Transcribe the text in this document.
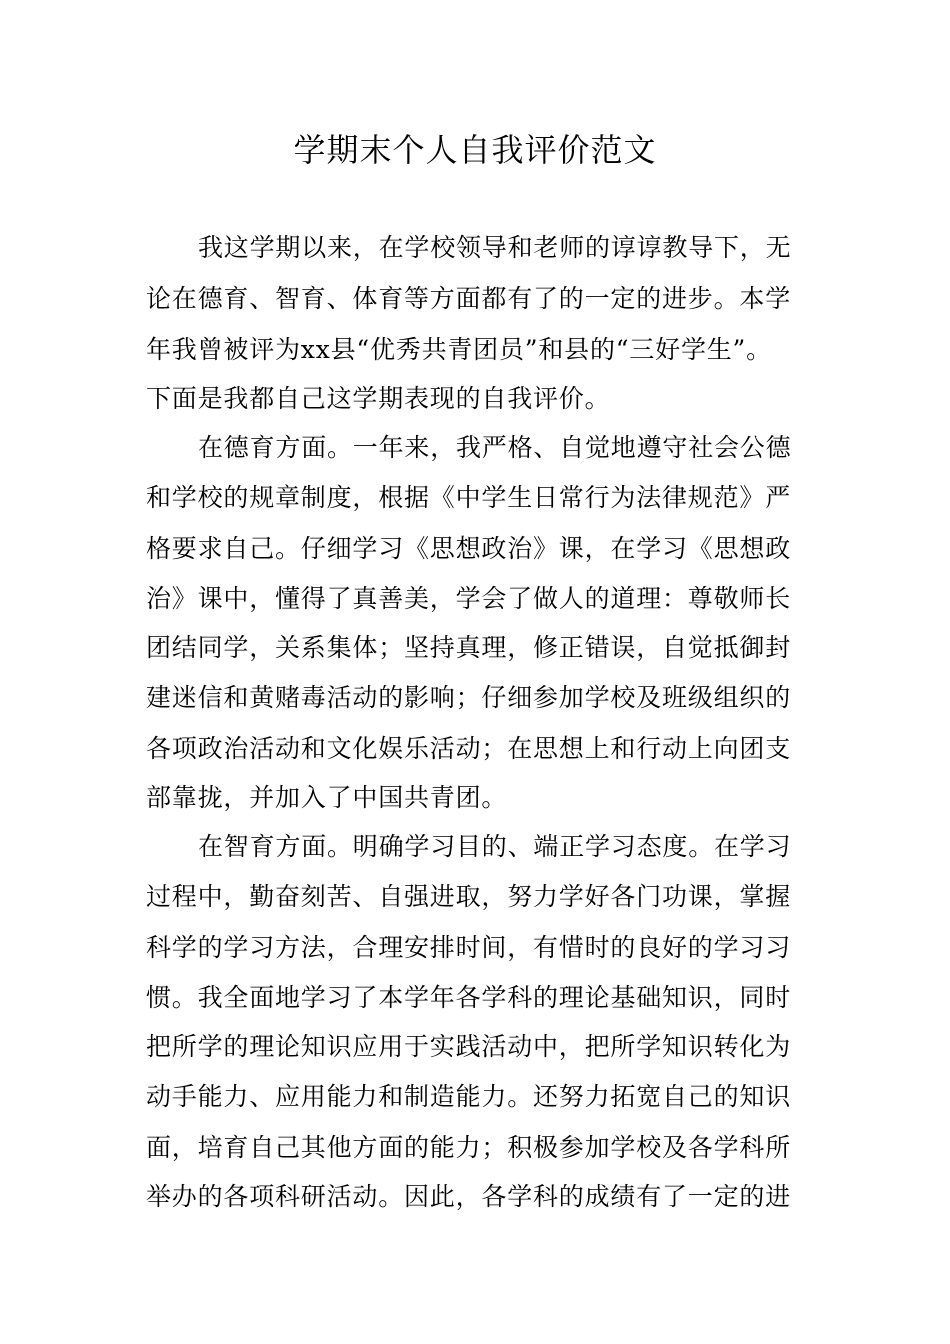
学期末个人自我评价范文

我这学期以来，在学校领导和老师的谆谆教导下，无

论在德育、智育、体育等方面都有了的一定的进步。本学

年我曾被评为xx县“优秀共青团员”和县的“三好学生”。

下面是我都自己这学期表现的自我评价。

在德育方面。一年来，我严格、自觉地遵守社会公德

和学校的规章制度，根据《中学生日常行为法律规范》严

格要求自己。仔细学习《思想政治》课，在学习《思想政

治》课中，懂得了真善美，学会了做人的道理：尊敬师长

团结同学，关系集体；坚持真理，修正错误，自觉抵御封

建迷信和黄赌毒活动的影响；仔细参加学校及班级组织的

各项政治活动和文化娱乐活动；在思想上和行动上向团支

部靠拢，并加入了中国共青团。

在智育方面。明确学习目的、端正学习态度。在学习

过程中，勤奋刻苦、自强进取，努力学好各门功课，掌握

科学的学习方法，合理安排时间，有惜时的良好的学习习

惯。我全面地学习了本学年各学科的理论基础知识，同时

把所学的理论知识应用于实践活动中，把所学知识转化为

动手能力、应用能力和制造能力。还努力拓宽自己的知识

面，培育自己其他方面的能力；积极参加学校及各学科所

举办的各项科研活动。因此，各学科的成绩有了一定的进
